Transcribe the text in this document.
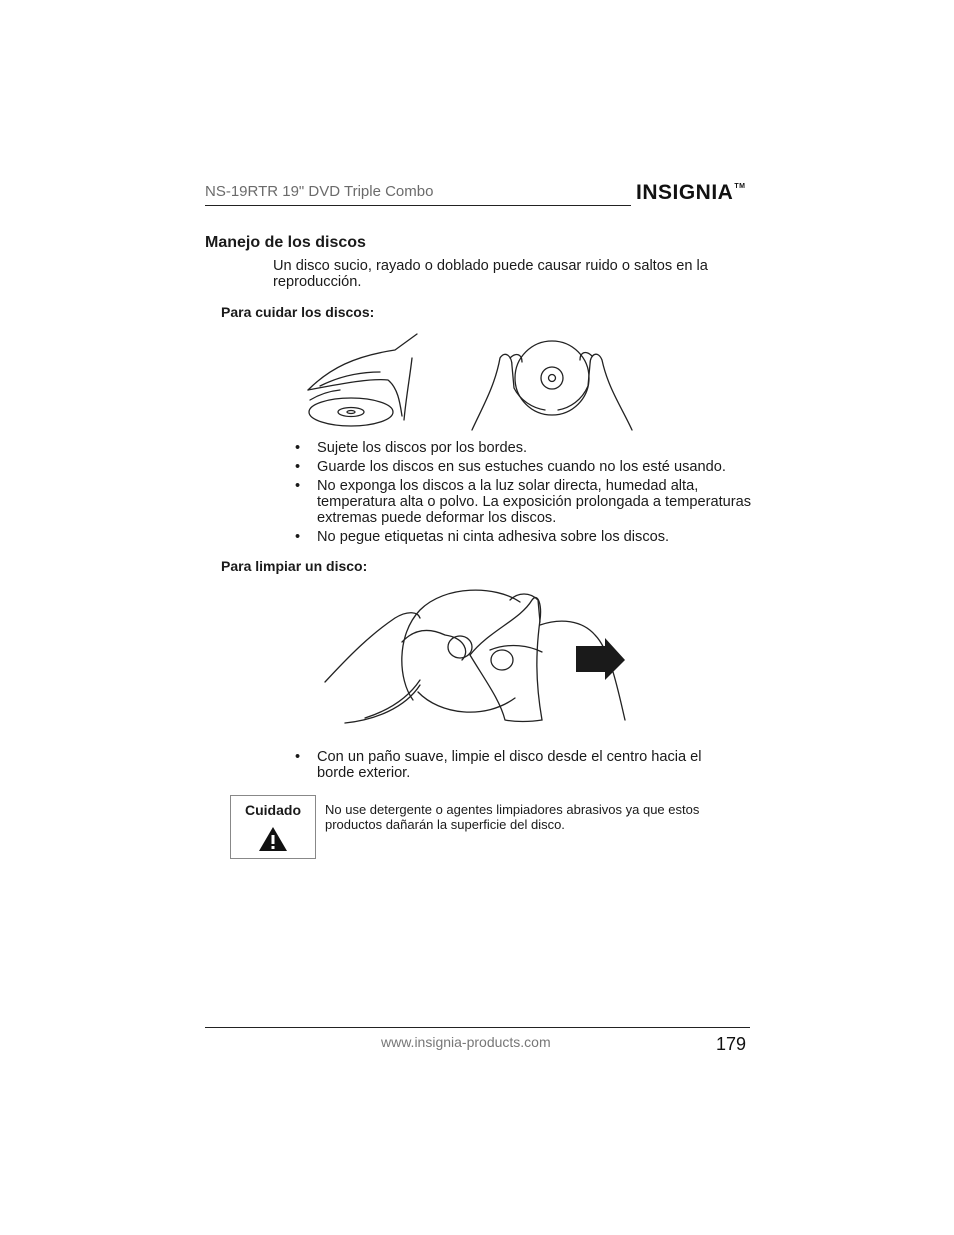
NS-19RTR 19" DVD Triple Combo	INSIGNIA™
Manejo de los discos
Un disco sucio, rayado o doblado puede causar ruido o saltos en la reproducción.
Para cuidar los discos:
• Sujete los discos por los bordes.
• Guarde los discos en sus estuches cuando no los esté usando.
• No exponga los discos a la luz solar directa, humedad alta, temperatura alta o polvo. La exposición prolongada a temperaturas extremas puede deformar los discos.
• No pegue etiquetas ni cinta adhesiva sobre los discos.
Para limpiar un disco:
• Con un paño suave, limpie el disco desde el centro hacia el borde exterior.
Cuidado	No use detergente o agentes limpiadores abrasivos ya que estos productos dañarán la superficie del disco.
www.insignia-products.com	179
